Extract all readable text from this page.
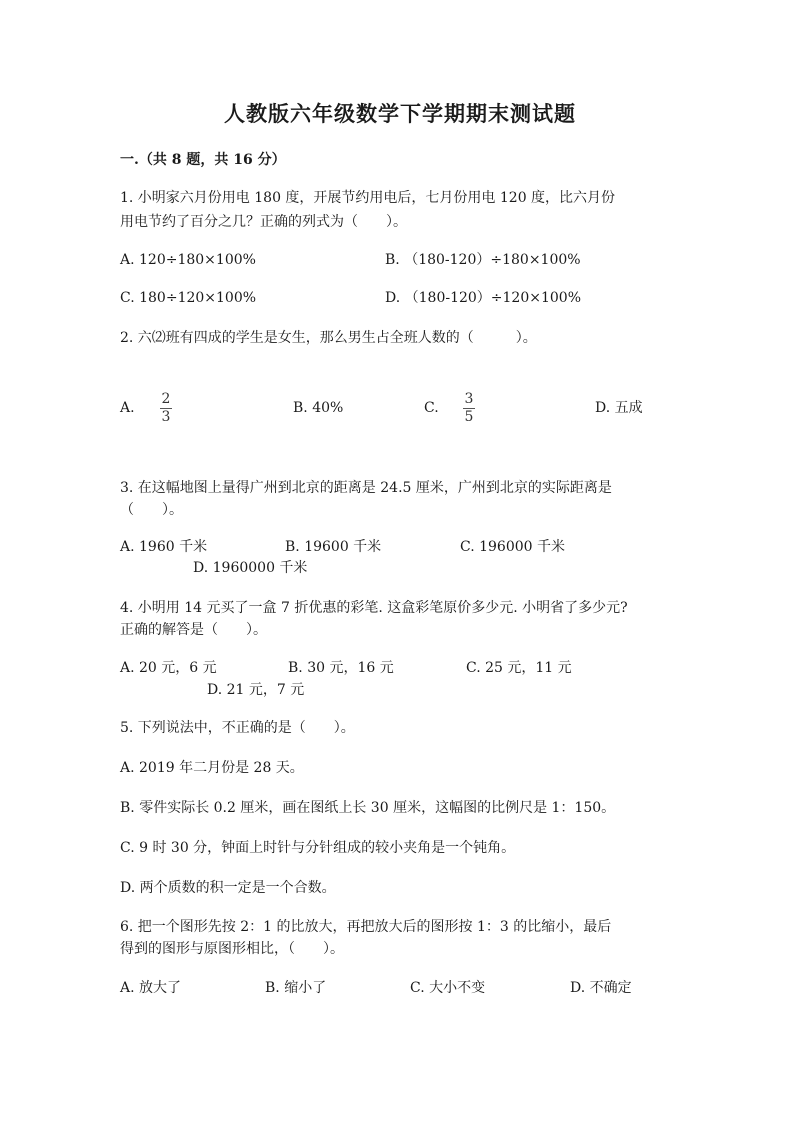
人教版六年级数学下学期期末测试题
一.（共 8 题，共 16 分）
1. 小明家六月份用电 180 度，开展节约用电后，七月份用电 120 度，比六月份
用电节约了百分之几？正确的列式为（　　）。
A. 120÷180×100%	B. （180-120）÷180×100%
C. 180÷120×100%	D. （180-120）÷120×100%
2. 六⑵班有四成的学生是女生，那么男生占全班人数的（　　　）。
A.
2
3
B. 40%	C.
3
5
D. 五成
3. 在这幅地图上量得广州到北京的距离是 24.5 厘米，广州到北京的实际距离是
（　　）。
A. 1960 千米	B. 19600 千米	C. 196000 千米
D. 1960000 千米
4. 小明用 14 元买了一盒 7 折优惠的彩笔. 这盒彩笔原价多少元. 小明省了多少元?
正确的解答是（　　）。
A. 20 元，6 元	B. 30 元，16 元	C. 25 元，11 元
D. 21 元，7 元
5. 下列说法中，不正确的是（　　）。
A. 2019 年二月份是 28 天。
B. 零件实际长 0.2 厘米，画在图纸上长 30 厘米，这幅图的比例尺是 1：150。
C. 9 时 30 分，钟面上时针与分针组成的较小夹角是一个钝角。
D. 两个质数的积一定是一个合数。
6. 把一个图形先按 2：1 的比放大，再把放大后的图形按 1：3 的比缩小，最后
得到的图形与原图形相比，（　　）。
A. 放大了	B. 缩小了	C. 大小不变	D. 不确定
